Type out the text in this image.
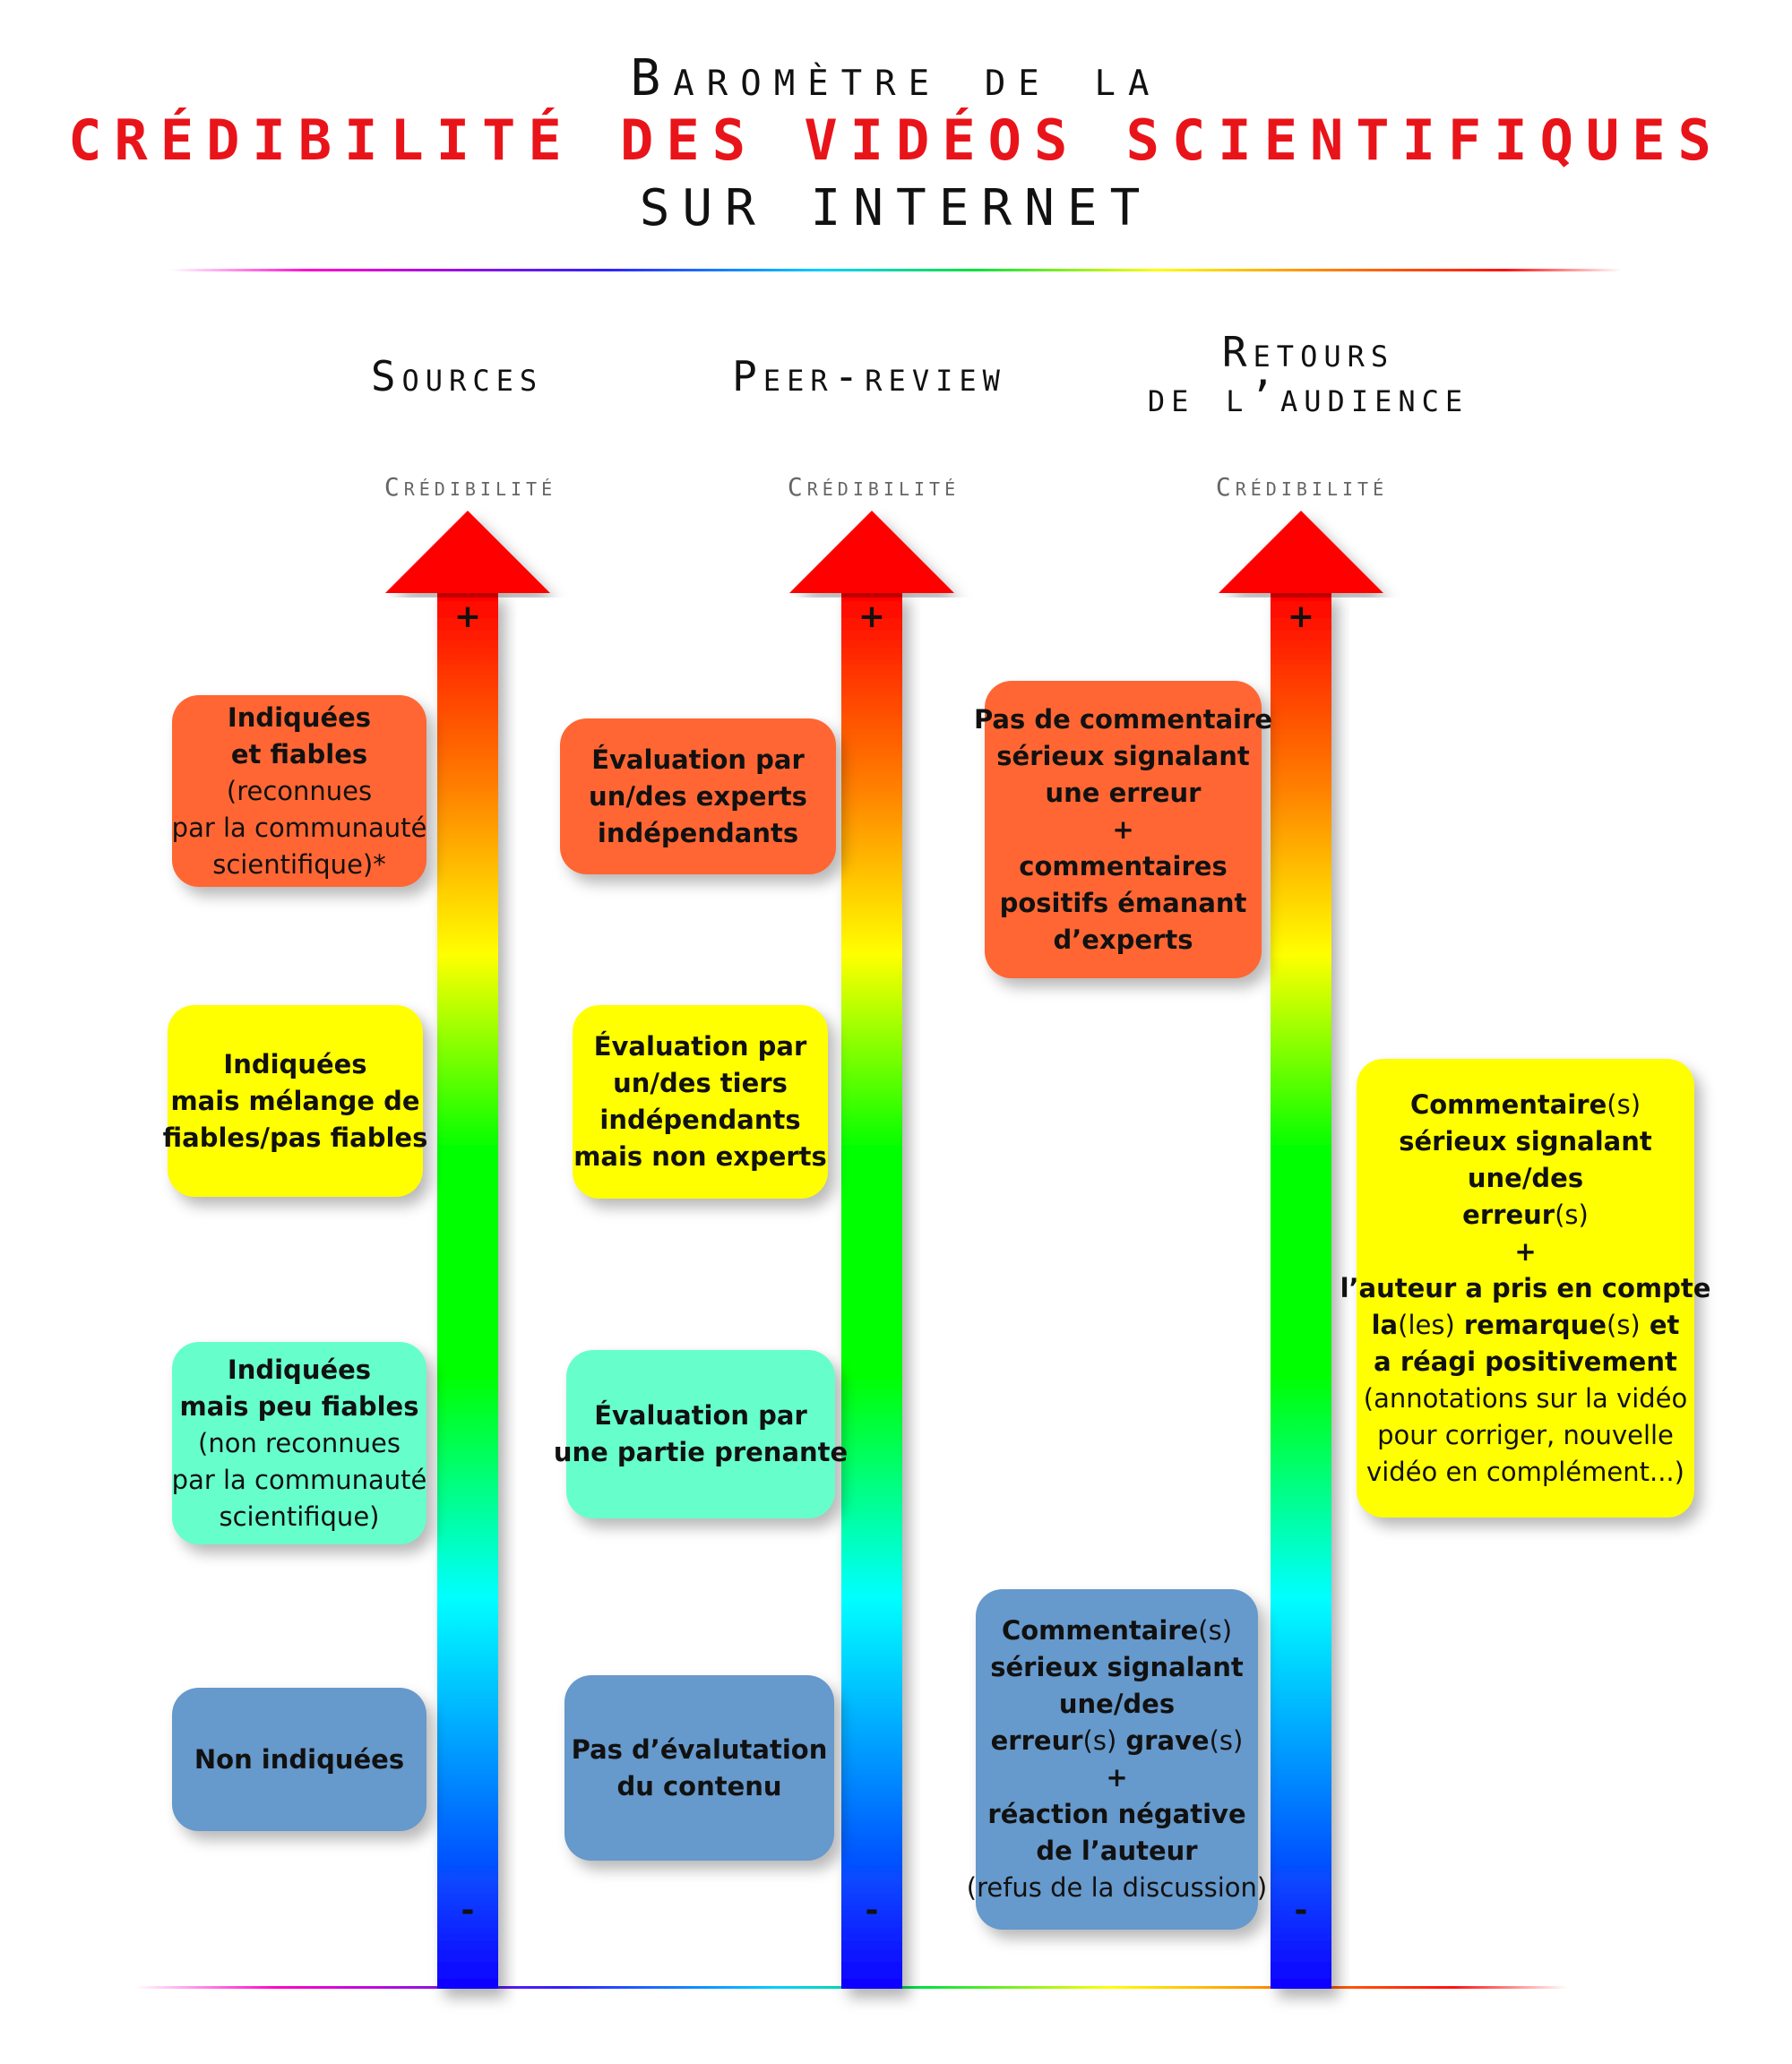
Baromètre de la
CRÉDIBILITÉ DES VIDÉOS SCIENTIFIQUES
SUR INTERNET
Sources	Peer-review	Retours
de l’audience
Crédibilité	Crédibilité	Crédibilité
+	+	+
-	-	-
Indiquées
et fiables
(reconnues
par la communauté
scientifique)*
Indiquées
mais mélange de
fiables/pas fiables
Indiquées
mais peu fiables
(non reconnues
par la communauté
scientifique)
Non indiquées
Évaluation par
un/des experts
indépendants
Évaluation par
un/des tiers
indépendants
mais non experts
Évaluation par
une partie prenante
Pas d’évalutation
du contenu
Pas de commentaire
sérieux signalant
une erreur
+
commentaires
positifs émanant
d’experts
Commentaire(s)
sérieux signalant
une/des
erreur(s)
+
l’auteur a pris en compte
la(les) remarque(s) et
a réagi positivement
(annotations sur la vidéo
pour corriger, nouvelle
vidéo en complément...)
Commentaire(s)
sérieux signalant
une/des
erreur(s) grave(s)
+
réaction négative
de l’auteur
(refus de la discussion)
